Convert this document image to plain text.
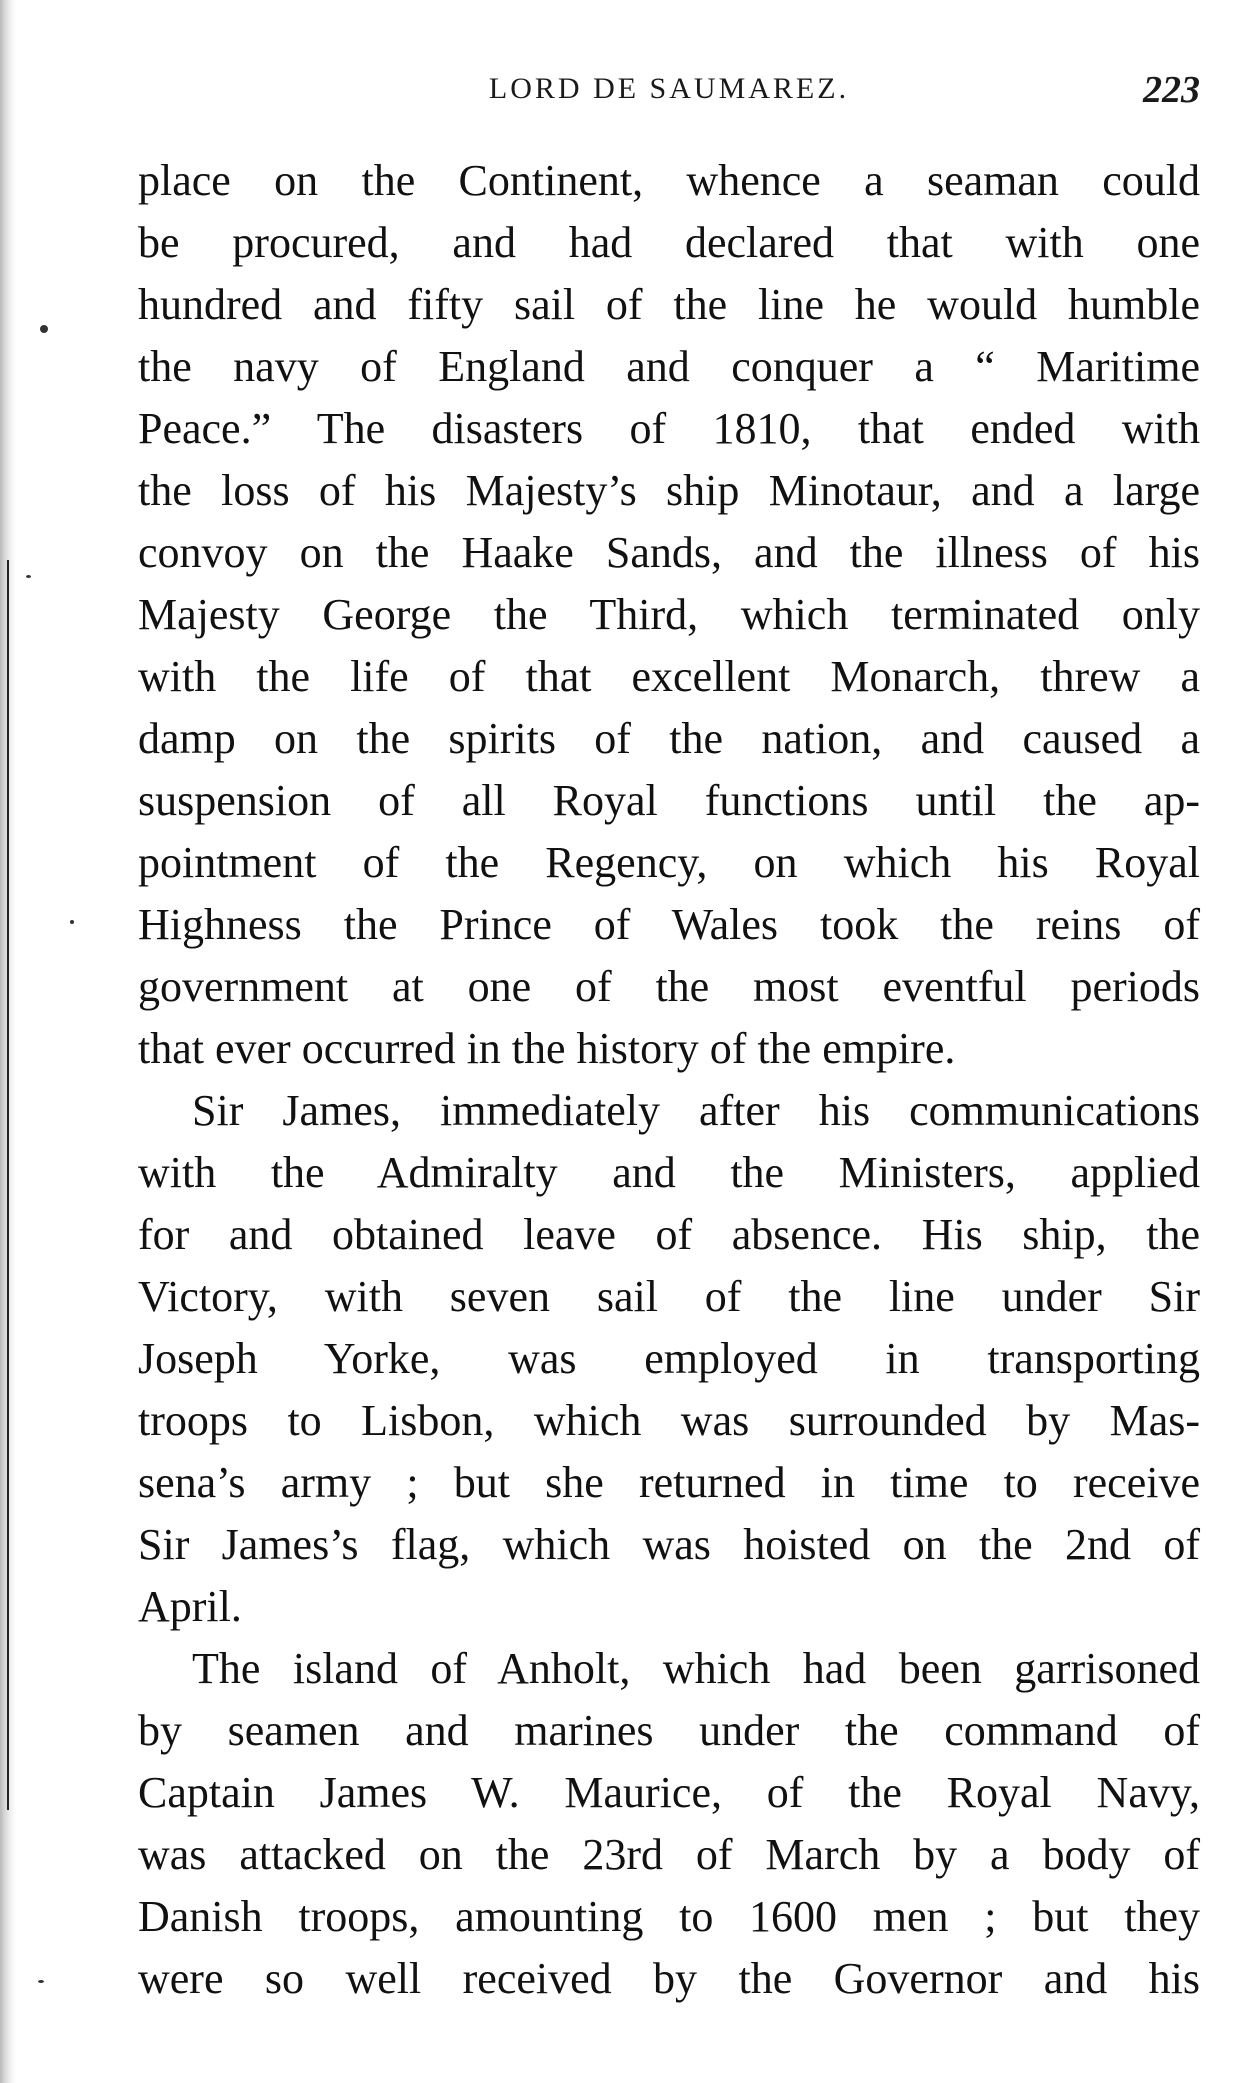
LORD DE SAUMAREZ.	223
place on the Continent, whence a seaman could
be procured, and had declared that with one
hundred and fifty sail of the line he would humble
the navy of England and conquer a “ Maritime
Peace.” The disasters of 1810, that ended with
the loss of his Majesty’s ship Minotaur, and a large
convoy on the Haake Sands, and the illness of his
Majesty George the Third, which terminated only
with the life of that excellent Monarch, threw a
damp on the spirits of the nation, and caused a
suspension of all Royal functions until the ap-
pointment of the Regency, on which his Royal
Highness the Prince of Wales took the reins of
government at one of the most eventful periods
that ever occurred in the history of the empire.
Sir James, immediately after his communications
with the Admiralty and the Ministers, applied
for and obtained leave of absence. His ship, the
Victory, with seven sail of the line under Sir
Joseph Yorke, was employed in transporting
troops to Lisbon, which was surrounded by Mas-
sena’s army ; but she returned in time to receive
Sir James’s flag, which was hoisted on the 2nd of
April.
The island of Anholt, which had been garrisoned
by seamen and marines under the command of
Captain James W. Maurice, of the Royal Navy,
was attacked on the 23rd of March by a body of
Danish troops, amounting to 1600 men ; but they
were so well received by the Governor and his
